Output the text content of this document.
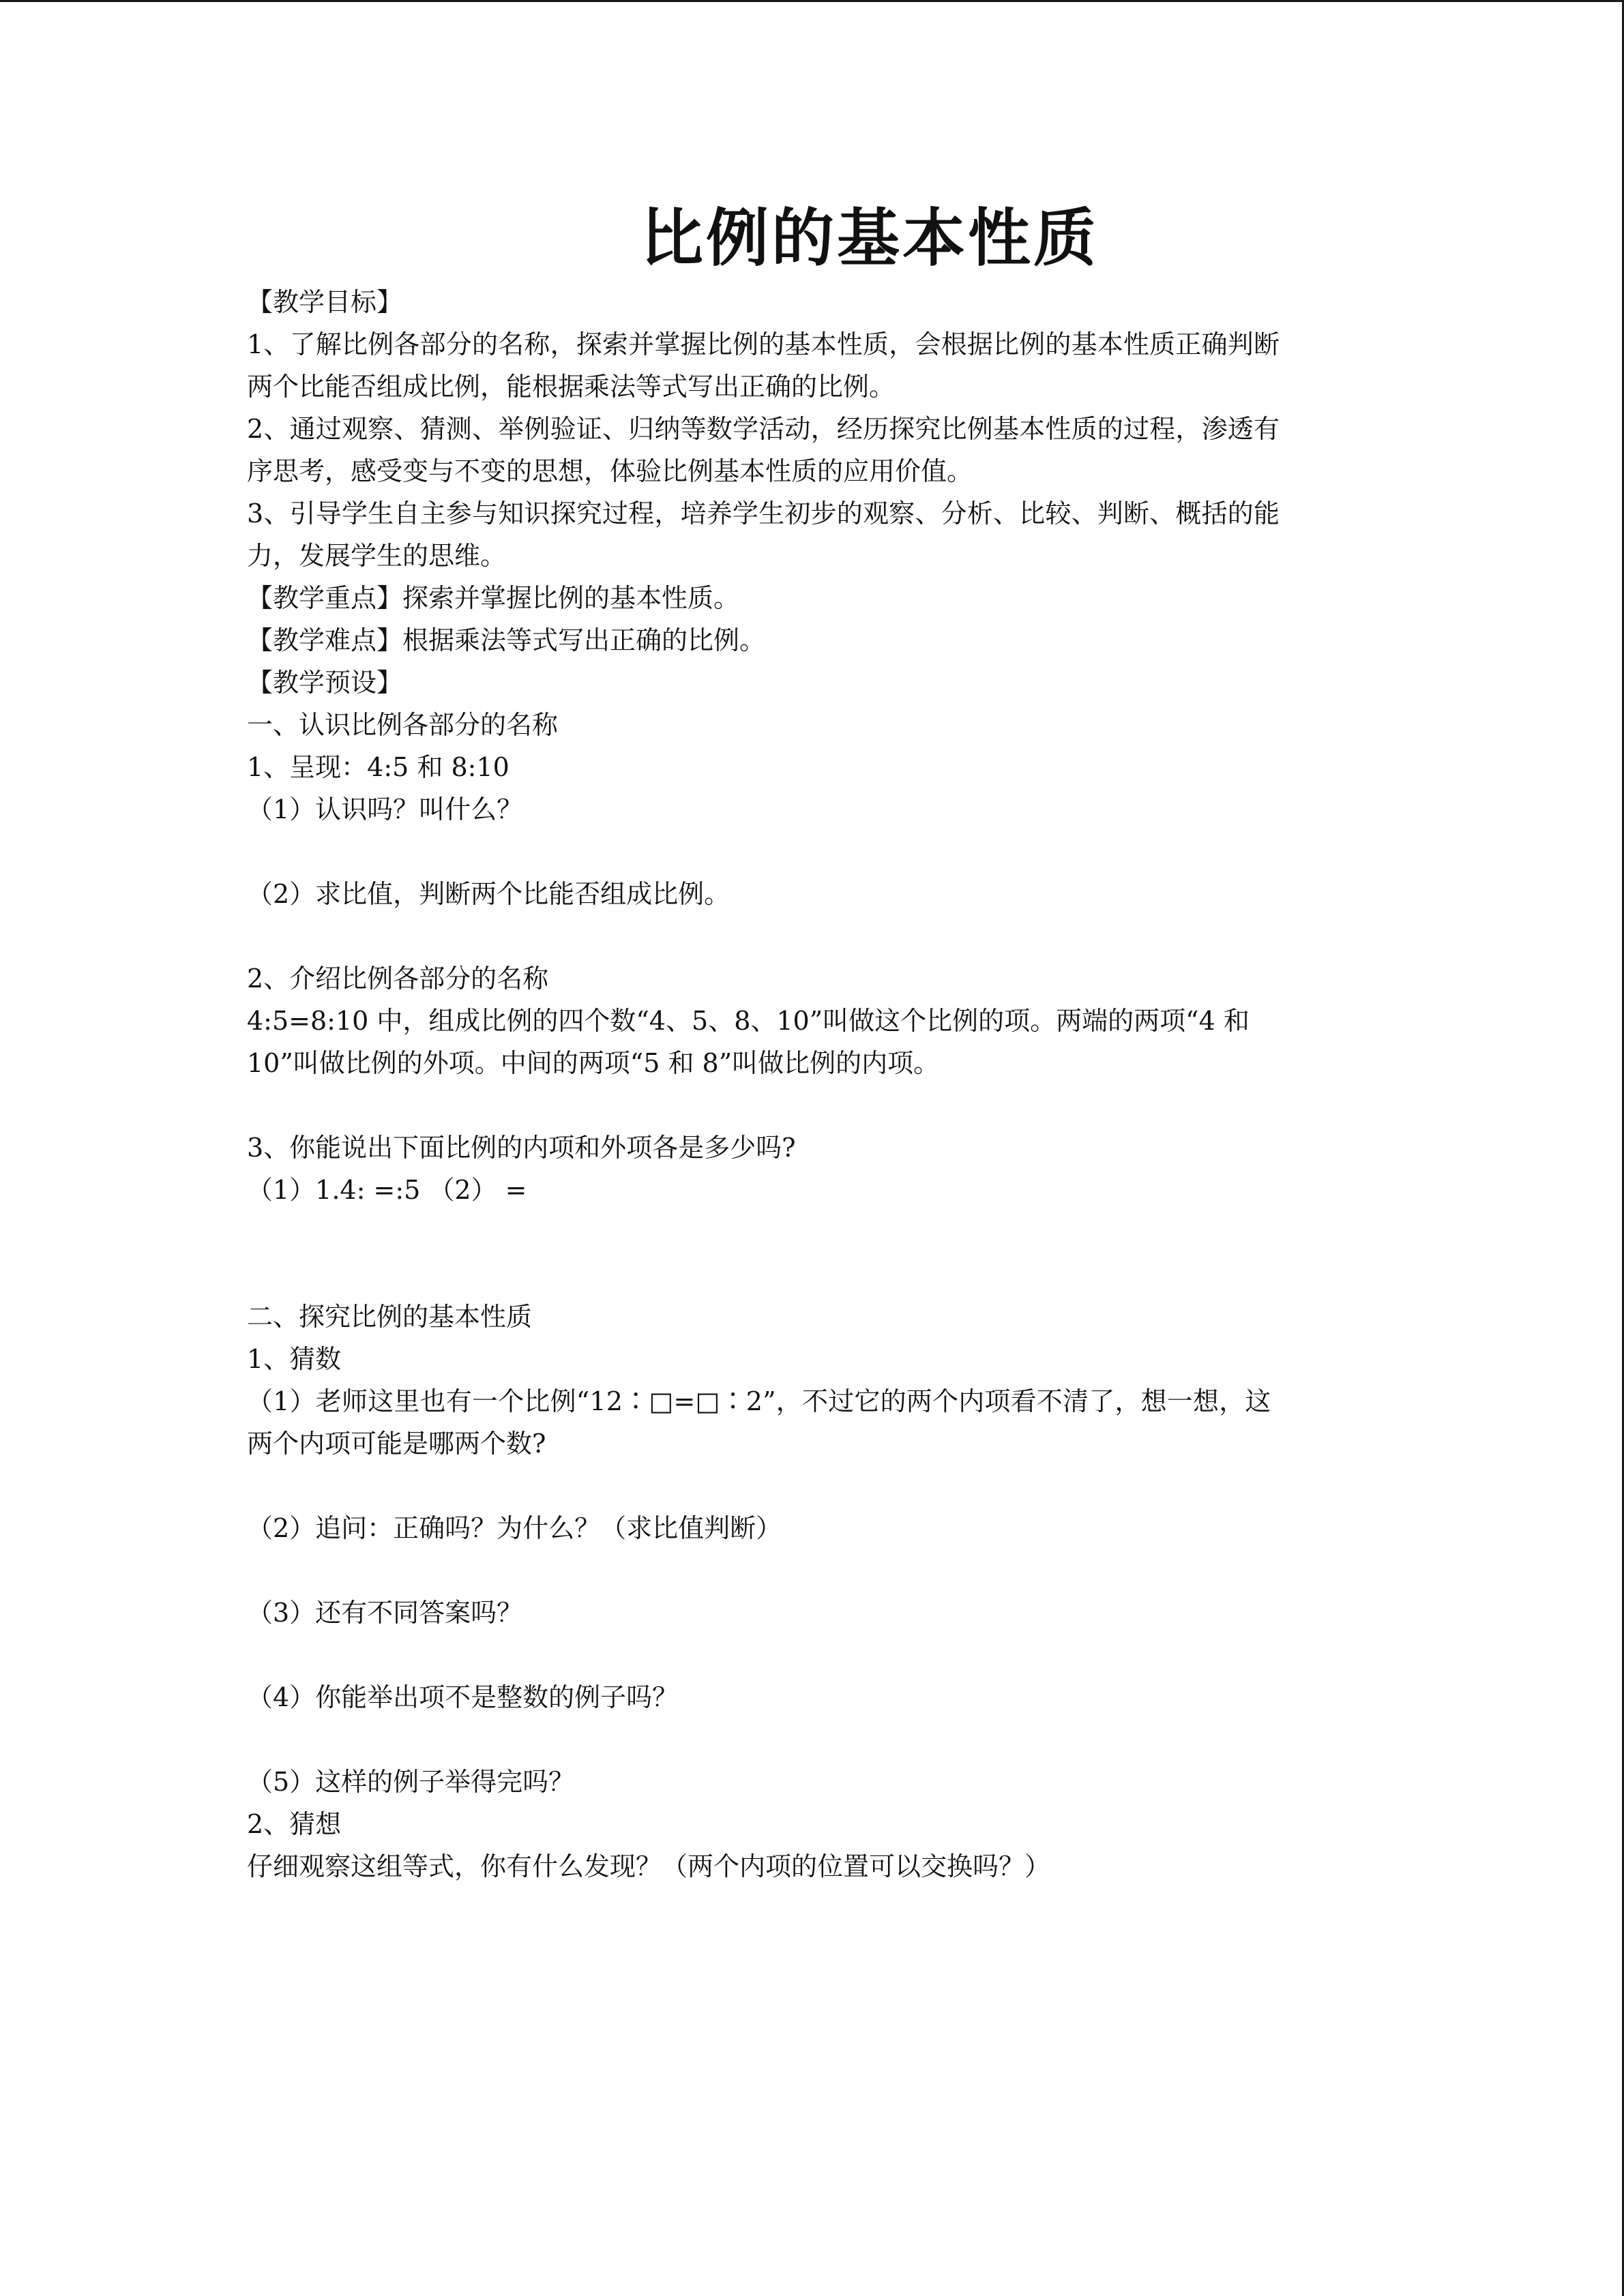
比例的基本性质
【教学目标】
1、了解比例各部分的名称，探索并掌握比例的基本性质，会根据比例的基本性质正确判断
两个比能否组成比例，能根据乘法等式写出正确的比例。
2、通过观察、猜测、举例验证、归纳等数学活动，经历探究比例基本性质的过程，渗透有
序思考，感受变与不变的思想，体验比例基本性质的应用价值。
3、引导学生自主参与知识探究过程，培养学生初步的观察、分析、比较、判断、概括的能
力，发展学生的思维。
【教学重点】探索并掌握比例的基本性质。
【教学难点】根据乘法等式写出正确的比例。
【教学预设】
一、认识比例各部分的名称
1、呈现：4:5 和 8:10
（1）认识吗？叫什么？
（2）求比值，判断两个比能否组成比例。
2、介绍比例各部分的名称
4:5=8:10 中，组成比例的四个数“4、5、8、10”叫做这个比例的项。两端的两项“4 和
10”叫做比例的外项。中间的两项“5 和 8”叫做比例的内项。
3、你能说出下面比例的内项和外项各是多少吗?
（1）1.4: =:5 （2） =
二、探究比例的基本性质
1、猜数
（1）老师这里也有一个比例“12∶□=□∶2”，不过它的两个内项看不清了，想一想，这
两个内项可能是哪两个数?
（2）追问：正确吗？为什么？（求比值判断）
（3）还有不同答案吗？
（4）你能举出项不是整数的例子吗？
（5）这样的例子举得完吗？
2、猜想
仔细观察这组等式，你有什么发现？（两个内项的位置可以交换吗？）
